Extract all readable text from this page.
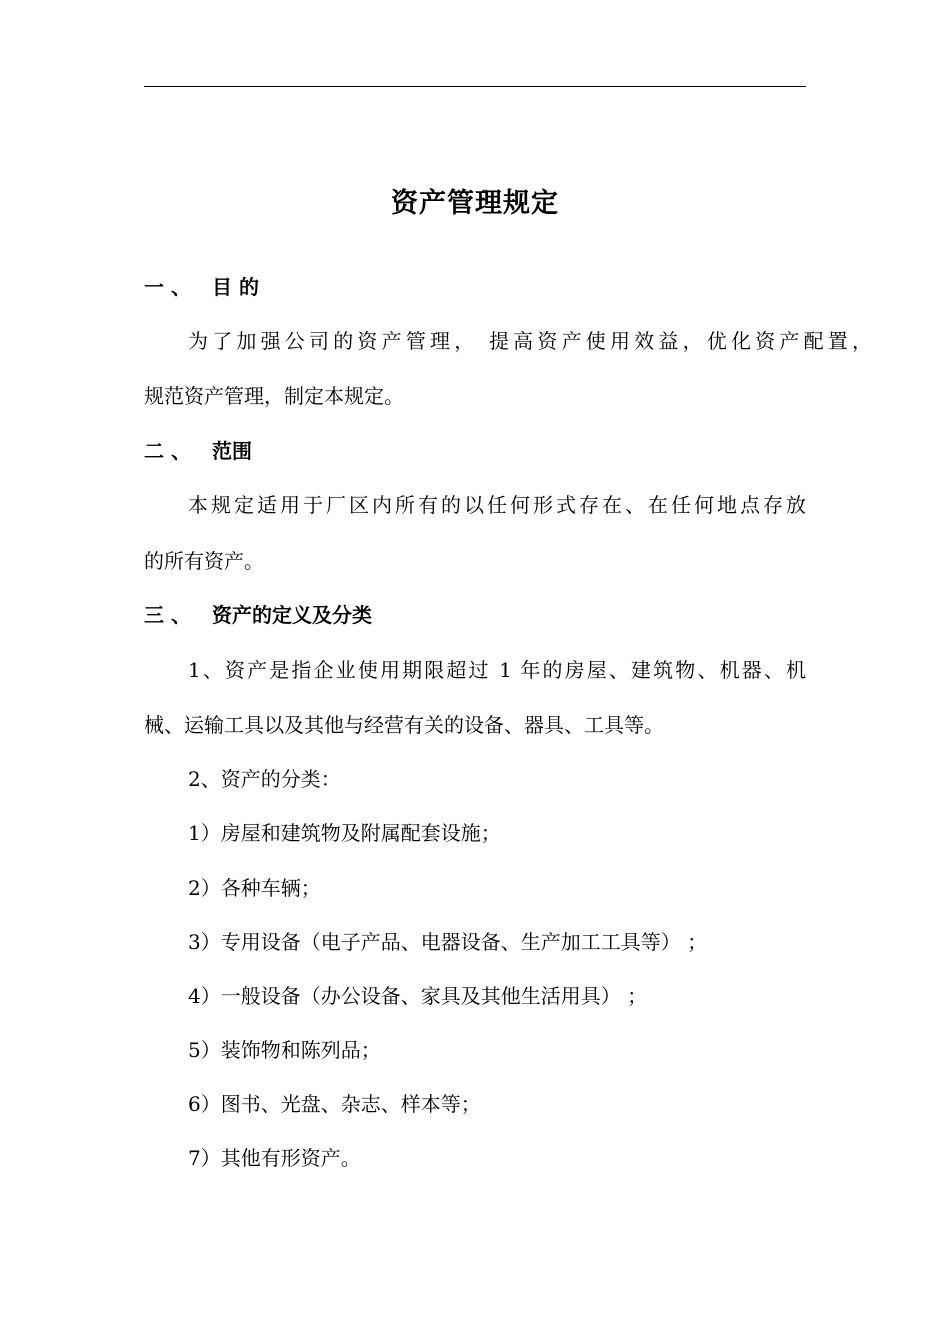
资产管理规定
一 、 目 的
为了加强公司的资产管理， 提高资产使用效益，优化资产配置，
规范资产管理，制定本规定。
二 、 范围
本规定适用于厂区内所有的以任何形式存在、在任何地点存放
的所有资产。
三 、 资产的定义及分类
1、资产是指企业使用期限超过 1 年的房屋、建筑物、机器、机
械、运输工具以及其他与经营有关的设备、器具、工具等。
2、资产的分类：
1）房屋和建筑物及附属配套设施；
2）各种车辆；
3）专用设备（电子产品、电器设备、生产加工工具等） ；
4）一般设备（办公设备、家具及其他生活用具） ；
5）装饰物和陈列品；
6）图书、光盘、杂志、样本等；
7）其他有形资产。
